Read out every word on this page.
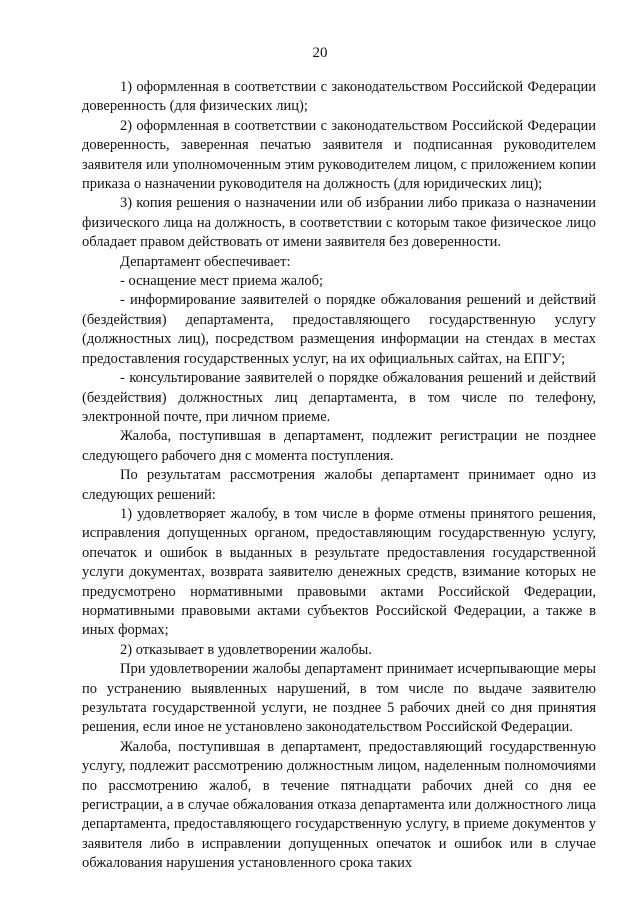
20

1) оформленная в соответствии с законодательством Российской Федерации доверенность (для физических лиц);

2) оформленная в соответствии с законодательством Российской Федерации доверенность, заверенная печатью заявителя и подписанная руководителем заявителя или уполномоченным этим руководителем лицом, с приложением копии приказа о назначении руководителя на должность (для юридических лиц);

3) копия решения о назначении или об избрании либо приказа о назначении физического лица на должность, в соответствии с которым такое физическое лицо обладает правом действовать от имени заявителя без доверенности.

Департамент обеспечивает:

- оснащение мест приема жалоб;

- информирование заявителей о порядке обжалования решений и действий (бездействия) департамента, предоставляющего государственную услугу (должностных лиц), посредством размещения информации на стендах в местах предоставления государственных услуг, на их официальных сайтах, на ЕПГУ;

- консультирование заявителей о порядке обжалования решений и действий (бездействия) должностных лиц департамента, в том числе по телефону, электронной почте, при личном приеме.

Жалоба, поступившая в департамент, подлежит регистрации не позднее следующего рабочего дня с момента поступления.

По результатам рассмотрения жалобы департамент принимает одно из следующих решений:

1) удовлетворяет жалобу, в том числе в форме отмены принятого решения, исправления допущенных органом, предоставляющим государственную услугу, опечаток и ошибок в выданных в результате предоставления государственной услуги документах, возврата заявителю денежных средств, взимание которых не предусмотрено нормативными правовыми актами Российской Федерации, нормативными правовыми актами субъектов Российской Федерации, а также в иных формах;

2) отказывает в удовлетворении жалобы.

При удовлетворении жалобы департамент принимает исчерпывающие меры по устранению выявленных нарушений, в том числе по выдаче заявителю результата государственной услуги, не позднее 5 рабочих дней со дня принятия решения, если иное не установлено законодательством Российской Федерации.

Жалоба, поступившая в департамент, предоставляющий государственную услугу, подлежит рассмотрению должностным лицом, наделенным полномочиями по рассмотрению жалоб, в течение пятнадцати рабочих дней со дня ее регистрации, а в случае обжалования отказа департамента или должностного лица департамента, предоставляющего государственную услугу, в приеме документов у заявителя либо в исправлении допущенных опечаток и ошибок или в случае обжалования нарушения установленного срока таких
